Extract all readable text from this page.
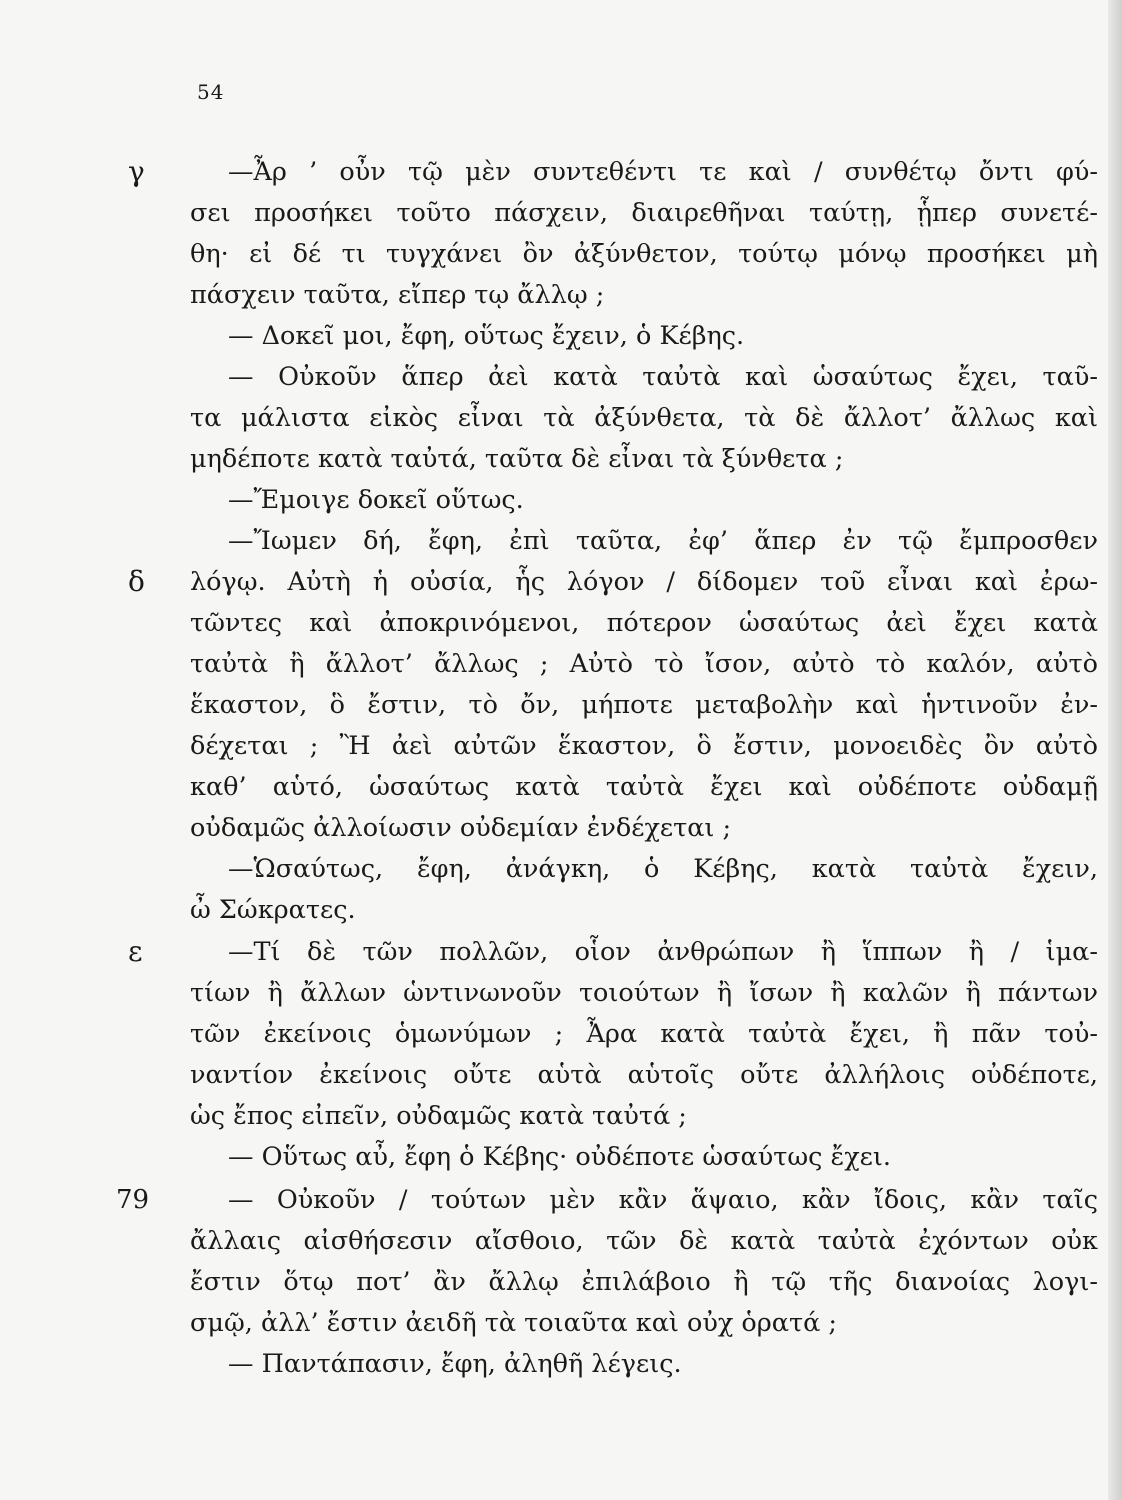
54
γ
δ
ε
79
—Ἆρ ’ οὖν τῷ μὲν συντεθέντι τε καὶ / συνθέτῳ ὄντι φύ-
σει προσήκει τοῦτο πάσχειν, διαιρεθῆναι ταύτῃ, ᾗπερ συνετέ-
θη· εἰ δέ τι τυγχάνει ὂν ἀξύνθετον, τούτῳ μόνῳ προσήκει μὴ
πάσχειν ταῦτα, εἴπερ τῳ ἄλλῳ ;
— Δοκεῖ μοι, ἔφη, οὕτως ἔχειν, ὁ Κέβης.
— Οὐκοῦν ἅπερ ἀεὶ κατὰ ταὐτὰ καὶ ὡσαύτως ἔχει, ταῦ-
τα μάλιστα εἰκὸς εἶναι τὰ ἀξύνθετα, τὰ δὲ ἄλλοτ’ ἄλλως καὶ
μηδέποτε κατὰ ταὐτά, ταῦτα δὲ εἶναι τὰ ξύνθετα ;
—Ἔμοιγε δοκεῖ οὕτως.
—Ἴωμεν δή, ἔφη, ἐπὶ ταῦτα, ἐφ’ ἅπερ ἐν τῷ ἔμπροσθεν
λόγῳ. Αὐτὴ ἡ οὐσία, ἧς λόγον / δίδομεν τοῦ εἶναι καὶ ἐρω-
τῶντες καὶ ἀποκρινόμενοι, πότερον ὡσαύτως ἀεὶ ἔχει κατὰ
ταὐτὰ ἢ ἄλλοτ’ ἄλλως ; Αὐτὸ τὸ ἴσον, αὐτὸ τὸ καλόν, αὐτὸ
ἕκαστον, ὃ ἔστιν, τὸ ὄν, μήποτε μεταβολὴν καὶ ἡντινοῦν ἐν-
δέχεται ; Ἢ ἀεὶ αὐτῶν ἕκαστον, ὃ ἔστιν, μονοειδὲς ὂν αὐτὸ
καθ’ αὑτό, ὡσαύτως κατὰ ταὐτὰ ἔχει καὶ οὐδέποτε οὐδαμῇ
οὐδαμῶς ἀλλοίωσιν οὐδεμίαν ἐνδέχεται ;
—Ὡσαύτως, ἔφη, ἀνάγκη, ὁ Κέβης, κατὰ ταὐτὰ ἔχειν,
ὦ Σώκρατες.
—Τί δὲ τῶν πολλῶν, οἷον ἀνθρώπων ἢ ἵππων ἢ / ἱμα-
τίων ἢ ἄλλων ὡντινωνοῦν τοιούτων ἢ ἴσων ἢ καλῶν ἢ πάντων
τῶν ἐκείνοις ὁμωνύμων ; Ἆρα κατὰ ταὐτὰ ἔχει, ἢ πᾶν τοὐ-
ναντίον ἐκείνοις οὔτε αὑτὰ αὑτοῖς οὔτε ἀλλήλοις οὐδέποτε,
ὡς ἔπος εἰπεῖν, οὐδαμῶς κατὰ ταὐτά ;
— Οὕτως αὖ, ἔφη ὁ Κέβης· οὐδέποτε ὡσαύτως ἔχει.
— Οὐκοῦν / τούτων μὲν κἂν ἅψαιο, κἂν ἴδοις, κἂν ταῖς
ἄλλαις αἰσθήσεσιν αἴσθοιο, τῶν δὲ κατὰ ταὐτὰ ἐχόντων οὐκ
ἔστιν ὅτῳ ποτ’ ἂν ἄλλῳ ἐπιλάβοιο ἢ τῷ τῆς διανοίας λογι-
σμῷ, ἀλλ’ ἔστιν ἀειδῆ τὰ τοιαῦτα καὶ οὐχ ὁρατά ;
— Παντάπασιν, ἔφη, ἀληθῆ λέγεις.
